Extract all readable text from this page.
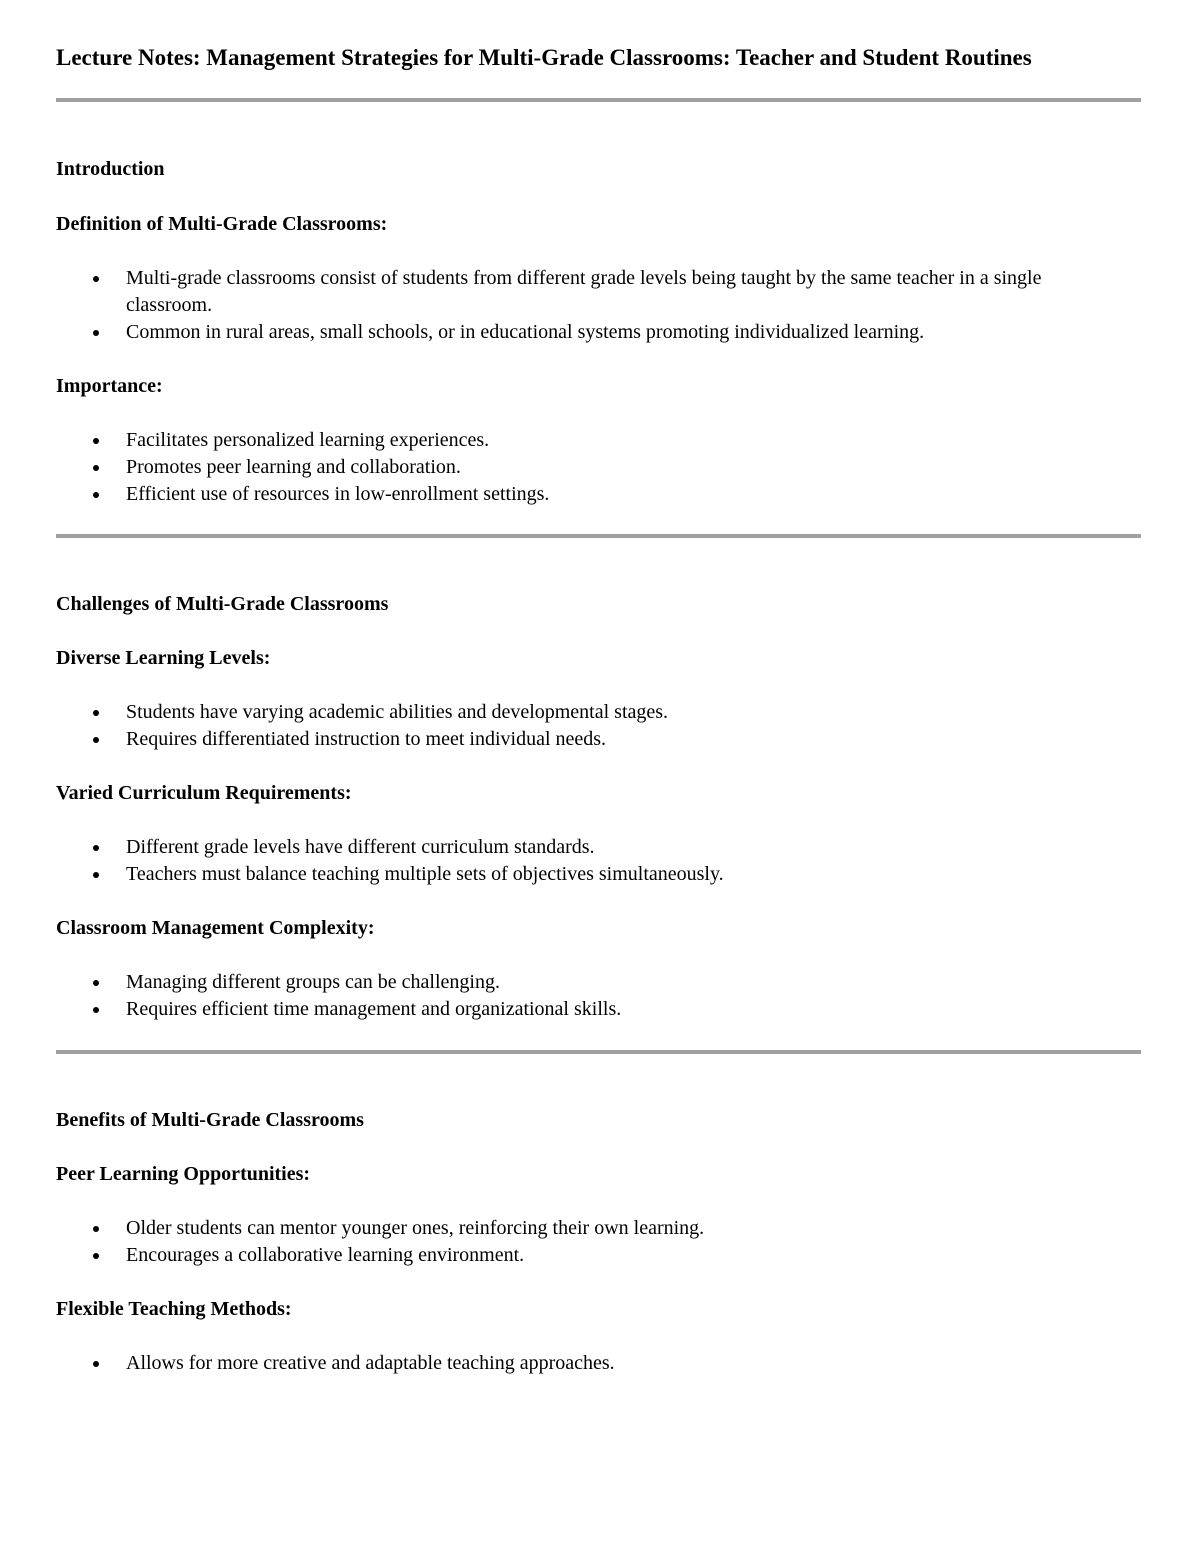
Lecture Notes: Management Strategies for Multi-Grade Classrooms: Teacher and Student Routines
Introduction
Definition of Multi-Grade Classrooms:
Multi-grade classrooms consist of students from different grade levels being taught by the same teacher in a single classroom.
Common in rural areas, small schools, or in educational systems promoting individualized learning.
Importance:
Facilitates personalized learning experiences.
Promotes peer learning and collaboration.
Efficient use of resources in low-enrollment settings.
Challenges of Multi-Grade Classrooms
Diverse Learning Levels:
Students have varying academic abilities and developmental stages.
Requires differentiated instruction to meet individual needs.
Varied Curriculum Requirements:
Different grade levels have different curriculum standards.
Teachers must balance teaching multiple sets of objectives simultaneously.
Classroom Management Complexity:
Managing different groups can be challenging.
Requires efficient time management and organizational skills.
Benefits of Multi-Grade Classrooms
Peer Learning Opportunities:
Older students can mentor younger ones, reinforcing their own learning.
Encourages a collaborative learning environment.
Flexible Teaching Methods:
Allows for more creative and adaptable teaching approaches.
